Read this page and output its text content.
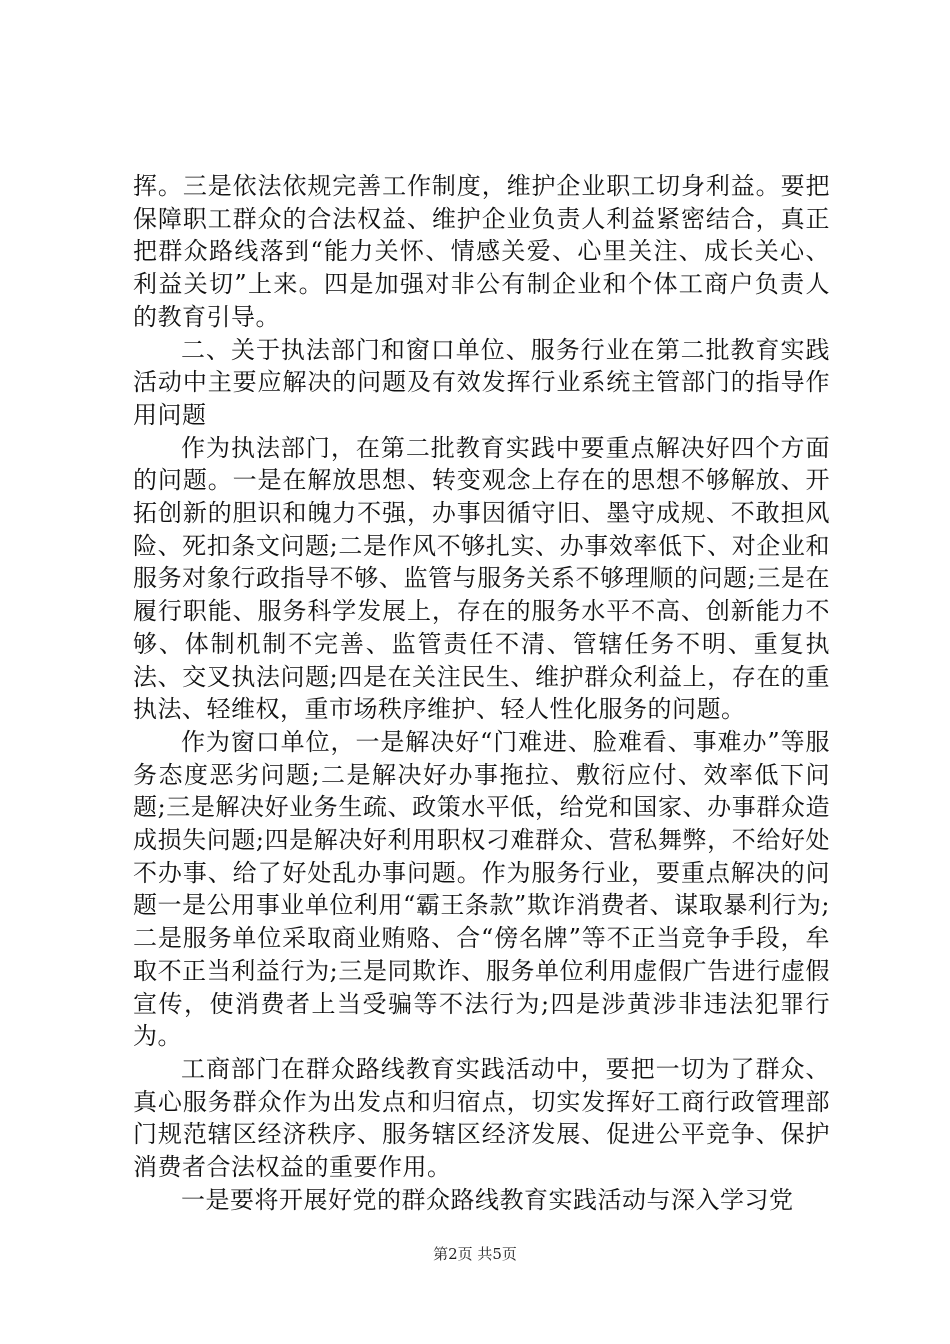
挥。三是依法依规完善工作制度，维护企业职工切身利益。要把保障职工群众的合法权益、维护企业负责人利益紧密结合，真正把群众路线落到“能力关怀、情感关爱、心里关注、成长关心、利益关切”上来。四是加强对非公有制企业和个体工商户负责人的教育引导。

二、关于执法部门和窗口单位、服务行业在第二批教育实践活动中主要应解决的问题及有效发挥行业系统主管部门的指导作用问题

作为执法部门，在第二批教育实践中要重点解决好四个方面的问题。一是在解放思想、转变观念上存在的思想不够解放、开拓创新的胆识和魄力不强，办事因循守旧、墨守成规、不敢担风险、死扣条文问题;二是作风不够扎实、办事效率低下、对企业和服务对象行政指导不够、监管与服务关系不够理顺的问题;三是在履行职能、服务科学发展上，存在的服务水平不高、创新能力不够、体制机制不完善、监管责任不清、管辖任务不明、重复执法、交叉执法问题;四是在关注民生、维护群众利益上，存在的重执法、轻维权，重市场秩序维护、轻人性化服务的问题。

作为窗口单位，一是解决好“门难进、脸难看、事难办”等服务态度恶劣问题;二是解决好办事拖拉、敷衍应付、效率低下问题;三是解决好业务生疏、政策水平低，给党和国家、办事群众造成损失问题;四是解决好利用职权刁难群众、营私舞弊，不给好处不办事、给了好处乱办事问题。作为服务行业，要重点解决的问题一是公用事业单位利用“霸王条款”欺诈消费者、谋取暴利行为;二是服务单位采取商业贿赂、合“傍名牌”等不正当竞争手段，牟取不正当利益行为;三是同欺诈、服务单位利用虚假广告进行虚假宣传，使消费者上当受骗等不法行为;四是涉黄涉非违法犯罪行为。

工商部门在群众路线教育实践活动中，要把一切为了群众、真心服务群众作为出发点和归宿点，切实发挥好工商行政管理部门规范辖区经济秩序、服务辖区经济发展、促进公平竞争、保护消费者合法权益的重要作用。

一是要将开展好党的群众路线教育实践活动与深入学习党

第2页 共5页
